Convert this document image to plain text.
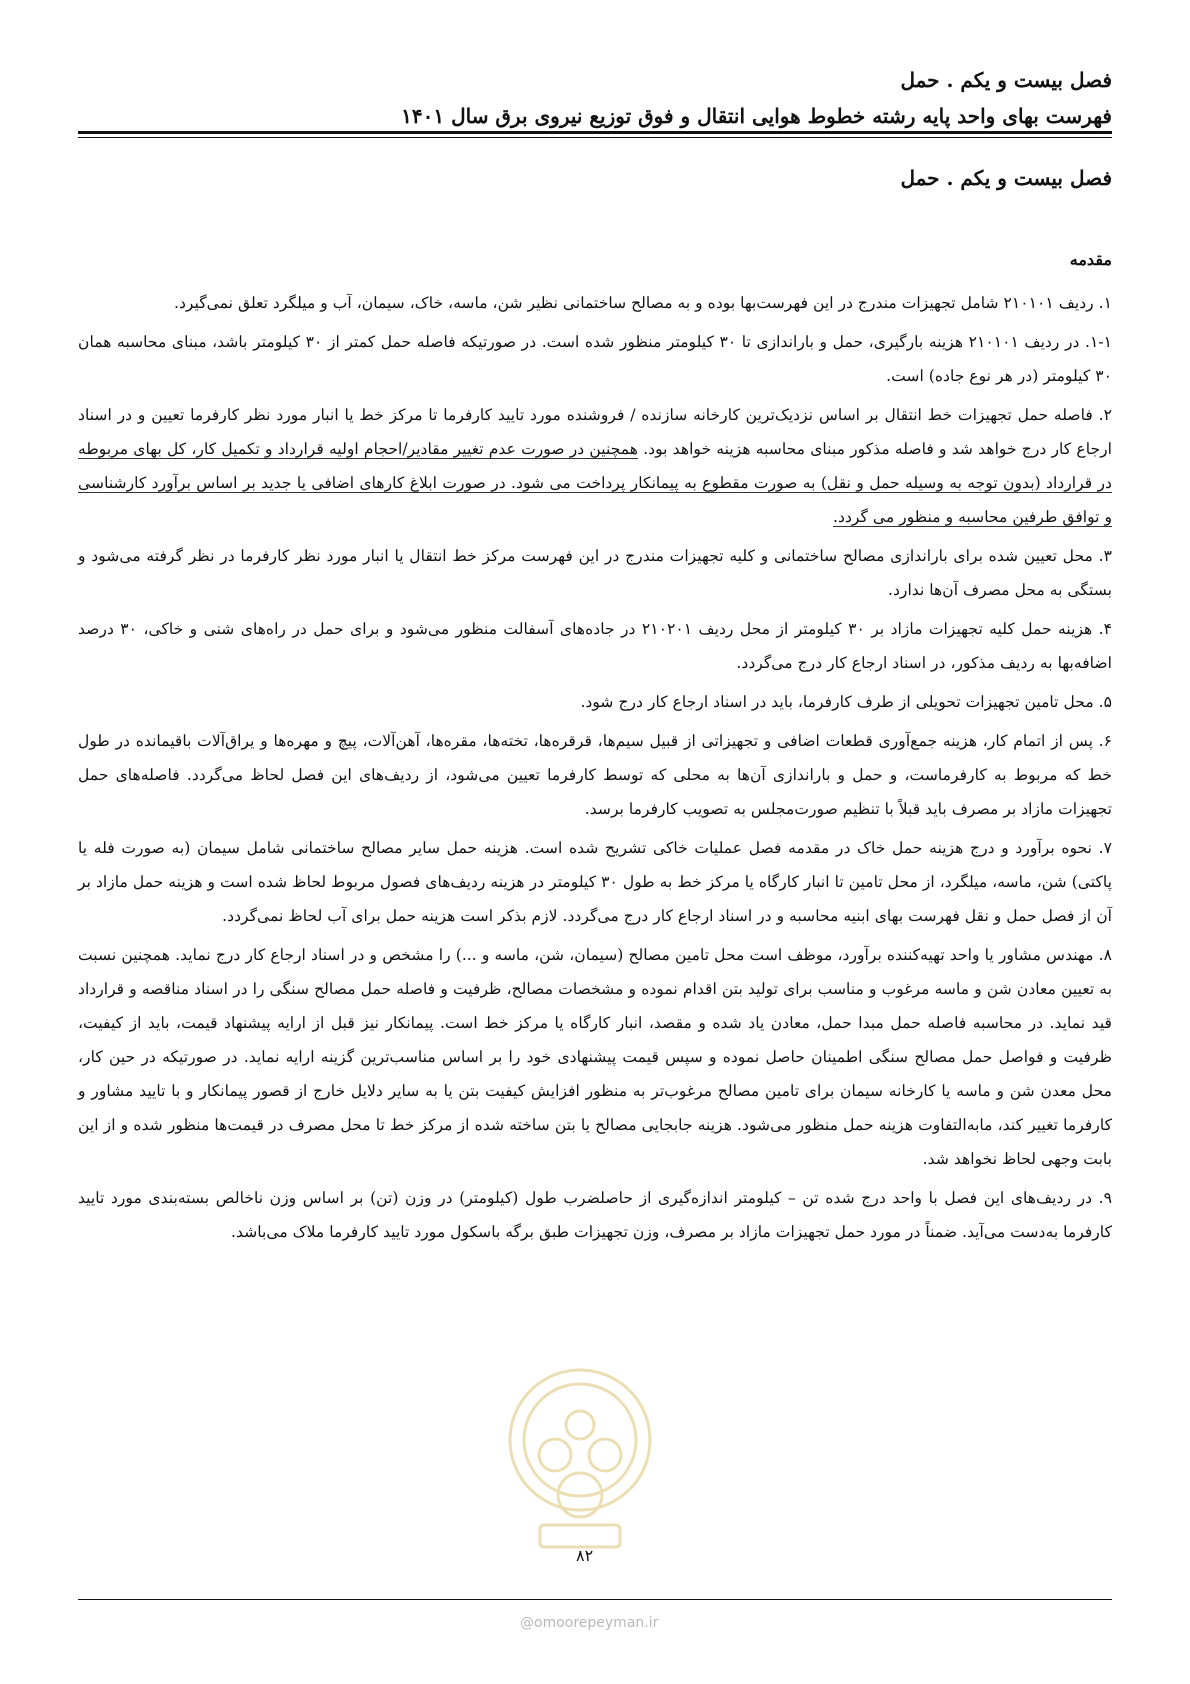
فصل بیست و یکم . حمل

فهرست بهای واحد پایه رشته خطوط هوایی انتقال و فوق توزیع نیروی برق سال ۱۴۰۱

فصل بیست و یکم . حمل
مقدمه

۱. ردیف ۲۱۰۱۰۱ شامل تجهیزات مندرج در این فهرست‌بها بوده و به مصالح ساختمانی نظیر شن، ماسه، خاک، سیمان، آب و میلگرد تعلق نمی‌گیرد.

۱-۱. در ردیف ۲۱۰۱۰۱ هزینه بارگیری، حمل و باراندازی تا ۳۰ کیلومتر منظور شده است. در صورتیکه فاصله حمل کمتر از ۳۰ کیلومتر باشد، مبنای محاسبه همان ۳۰ کیلومتر (در هر نوع جاده) است.

۲. فاصله حمل تجهیزات خط انتقال بر اساس نزدیک‌ترین کارخانه سازنده / فروشنده مورد تایید کارفرما تا مرکز خط یا انبار مورد نظر کارفرما تعیین و در اسناد ارجاع کار درج خواهد شد و فاصله مذکور مبنای محاسبه هزینه خواهد بود. همچنین در صورت عدم تغییر مقادیر/احجام اولیه قرارداد و تکمیل کار، کل بهای مربوطه در قرارداد (بدون توجه به وسیله حمل و نقل) به صورت مقطوع به پیمانکار پرداخت می شود. در صورت ابلاغ کارهای اضافی یا جدید بر اساس برآورد کارشناسی و توافق طرفین محاسبه و منظور می گردد.

۳. محل تعیین شده برای باراندازی مصالح ساختمانی و کلیه تجهیزات مندرج در این فهرست مرکز خط انتقال یا انبار مورد نظر کارفرما در نظر گرفته می‌شود و بستگی به محل مصرف آن‌ها ندارد.

۴. هزینه حمل کلیه تجهیزات مازاد بر ۳۰ کیلومتر از محل ردیف ۲۱۰۲۰۱ در جاده‌های آسفالت منظور می‌شود و برای حمل در راه‌های شنی و خاکی، ۳۰ درصد اضافه‌بها به ردیف مذکور، در اسناد ارجاع کار درج می‌گردد.

۵. محل تامین تجهیزات تحویلی از طرف کارفرما، باید در اسناد ارجاع کار درج شود.

۶. پس از اتمام کار، هزینه جمع‌آوری قطعات اضافی و تجهیزاتی از قبیل سیم‌ها، قرقره‌ها، تخته‌ها، مقره‌ها، آهن‌آلات، پیچ و مهره‌ها و یراق‌آلات باقیمانده در طول خط که مربوط به کارفرماست، و حمل و باراندازی آن‌ها به محلی که توسط کارفرما تعیین می‌شود، از ردیف‌های این فصل لحاظ می‌گردد. فاصله‌های حمل تجهیزات مازاد بر مصرف باید قبلاً با تنظیم صورت‌مجلس به تصویب کارفرما برسد.

۷. نحوه برآورد و درج هزینه حمل خاک در مقدمه فصل عملیات خاکی تشریح شده است. هزینه حمل سایر مصالح ساختمانی شامل سیمان (به صورت فله یا پاکتی) شن، ماسه، میلگرد، از محل تامین تا انبار کارگاه یا مرکز خط به طول ۳۰ کیلومتر در هزینه ردیف‌های فصول مربوط لحاظ شده است و هزینه حمل مازاد بر آن از فصل حمل و نقل فهرست بهای ابنیه محاسبه و در اسناد ارجاع کار درج می‌گردد. لازم بذکر است هزینه حمل برای آب لحاظ نمی‌گردد.

۸. مهندس مشاور یا واحد تهیه‌کننده برآورد، موظف است محل تامین مصالح (سیمان، شن، ماسه و ...) را مشخص و در اسناد ارجاع کار درج نماید. همچنین نسبت به تعیین معادن شن و ماسه مرغوب و مناسب برای تولید بتن اقدام نموده و مشخصات مصالح، ظرفیت و فاصله حمل مصالح سنگی را در اسناد مناقصه و قرارداد قید نماید. در محاسبه فاصله حمل مبدا حمل، معادن یاد شده و مقصد، انبار کارگاه یا مرکز خط است. پیمانکار نیز قبل از ارایه پیشنهاد قیمت، باید از کیفیت، ظرفیت و فواصل حمل مصالح سنگی اطمینان حاصل نموده و سپس قیمت پیشنهادی خود را بر اساس مناسب‌ترین گزینه ارایه نماید. در صورتیکه در حین کار، محل معدن شن و ماسه یا کارخانه سیمان برای تامین مصالح مرغوب‌تر به منظور افزایش کیفیت بتن یا به سایر دلایل خارج از قصور پیمانکار و با تایید مشاور و کارفرما تغییر کند، مابه‌التفاوت هزینه حمل منظور می‌شود. هزینه جابجایی مصالح یا بتن ساخته شده از مرکز خط تا محل مصرف در قیمت‌ها منظور شده و از این بابت وجهی لحاظ نخواهد شد.

۹. در ردیف‌های این فصل با واحد درج شده تن – کیلومتر اندازه‌گیری از حاصلضرب طول (کیلومتر) در وزن (تن) بر اساس وزن ناخالص بسته‌بندی مورد تایید کارفرما به‌دست می‌آید. ضمناً در مورد حمل تجهیزات مازاد بر مصرف، وزن تجهیزات طبق برگه باسکول مورد تایید کارفرما ملاک می‌باشد.

۸۲
@omoorepeyman.ir
